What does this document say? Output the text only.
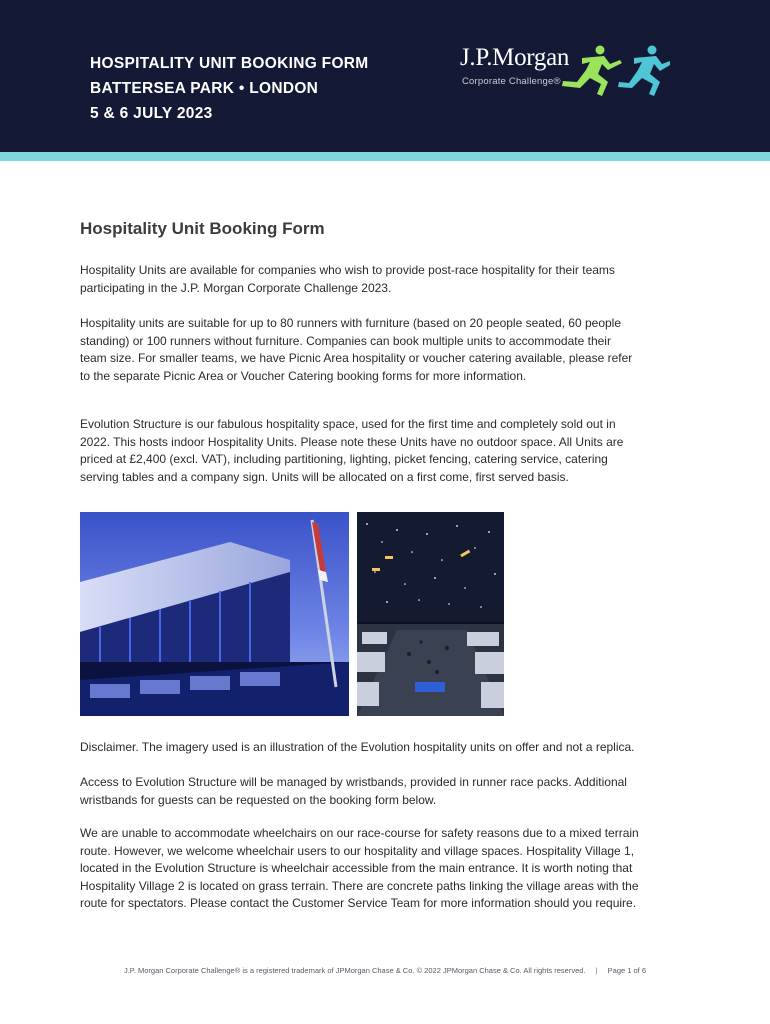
HOSPITALITY UNIT BOOKING FORM
BATTERSEA PARK • LONDON
5 & 6 JULY 2023
J.P.Morgan
Corporate Challenge®
Hospitality Unit Booking Form

Hospitality Units are available for companies who wish to provide post-race hospitality for their teams participating in the J.P. Morgan Corporate Challenge 2023.

Hospitality units are suitable for up to 80 runners with furniture (based on 20 people seated, 60 people standing) or 100 runners without furniture. Companies can book multiple units to accommodate their team size. For smaller teams, we have Picnic Area hospitality or voucher catering available, please refer to the separate Picnic Area or Voucher Catering booking forms for more information.

Evolution Structure is our fabulous hospitality space, used for the first time and completely sold out in 2022. This hosts indoor Hospitality Units. Please note these Units have no outdoor space. All Units are priced at £2,400 (excl. VAT), including partitioning, lighting, picket fencing, catering service, catering serving tables and a company sign. Units will be allocated on a first come, first served basis.

Disclaimer. The imagery used is an illustration of the Evolution hospitality units on offer and not a replica.

Access to Evolution Structure will be managed by wristbands, provided in runner race packs. Additional wristbands for guests can be requested on the booking form below.

We are unable to accommodate wheelchairs on our race-course for safety reasons due to a mixed terrain route. However, we welcome wheelchair users to our hospitality and village spaces. Hospitality Village 1, located in the Evolution Structure is wheelchair accessible from the main entrance. It is worth noting that Hospitality Village 2 is located on grass terrain. There are concrete paths linking the village areas with the route for spectators. Please contact the Customer Service Team for more information should you require.

J.P. Morgan Corporate Challenge® is a registered trademark of JPMorgan Chase & Co. © 2022 JPMorgan Chase & Co. All rights reserved. | Page 1 of 6
